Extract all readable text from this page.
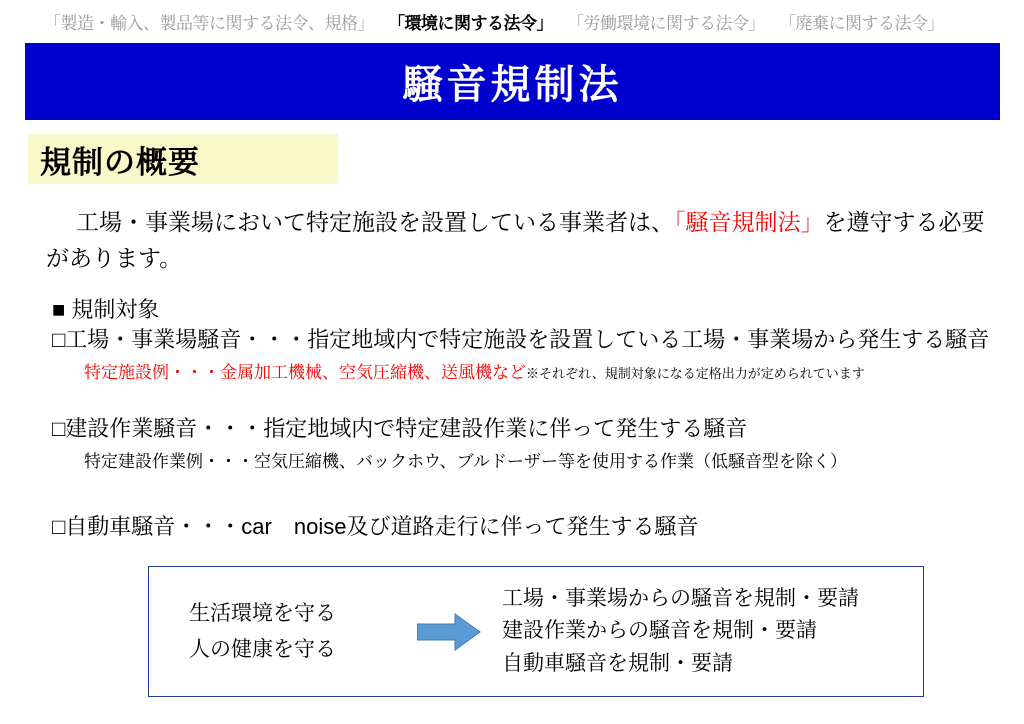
「製造・輸入、製品等に関する法令、規格」 「環境に関する法令」 「労働環境に関する法令」 「廃棄に関する法令」
騒音規制法
規制の概要
工場・事業場において特定施設を設置している事業者は、「騒音規制法」を遵守する必要があります。
■ 規制対象
□工場・事業場騒音・・・指定地域内で特定施設を設置している工場・事業場から発生する騒音
特定施設例・・・金属加工機械、空気圧縮機、送風機など※それぞれ、規制対象になる定格出力が定められています
□建設作業騒音・・・指定地域内で特定建設作業に伴って発生する騒音
特定建設作業例・・・空気圧縮機、バックホウ、ブルドーザー等を使用する作業（低騒音型を除く）
□自動車騒音・・・car　noise及び道路走行に伴って発生する騒音
生活環境を守る
人の健康を守る
工場・事業場からの騒音を規制・要請
建設作業からの騒音を規制・要請
自動車騒音を規制・要請
